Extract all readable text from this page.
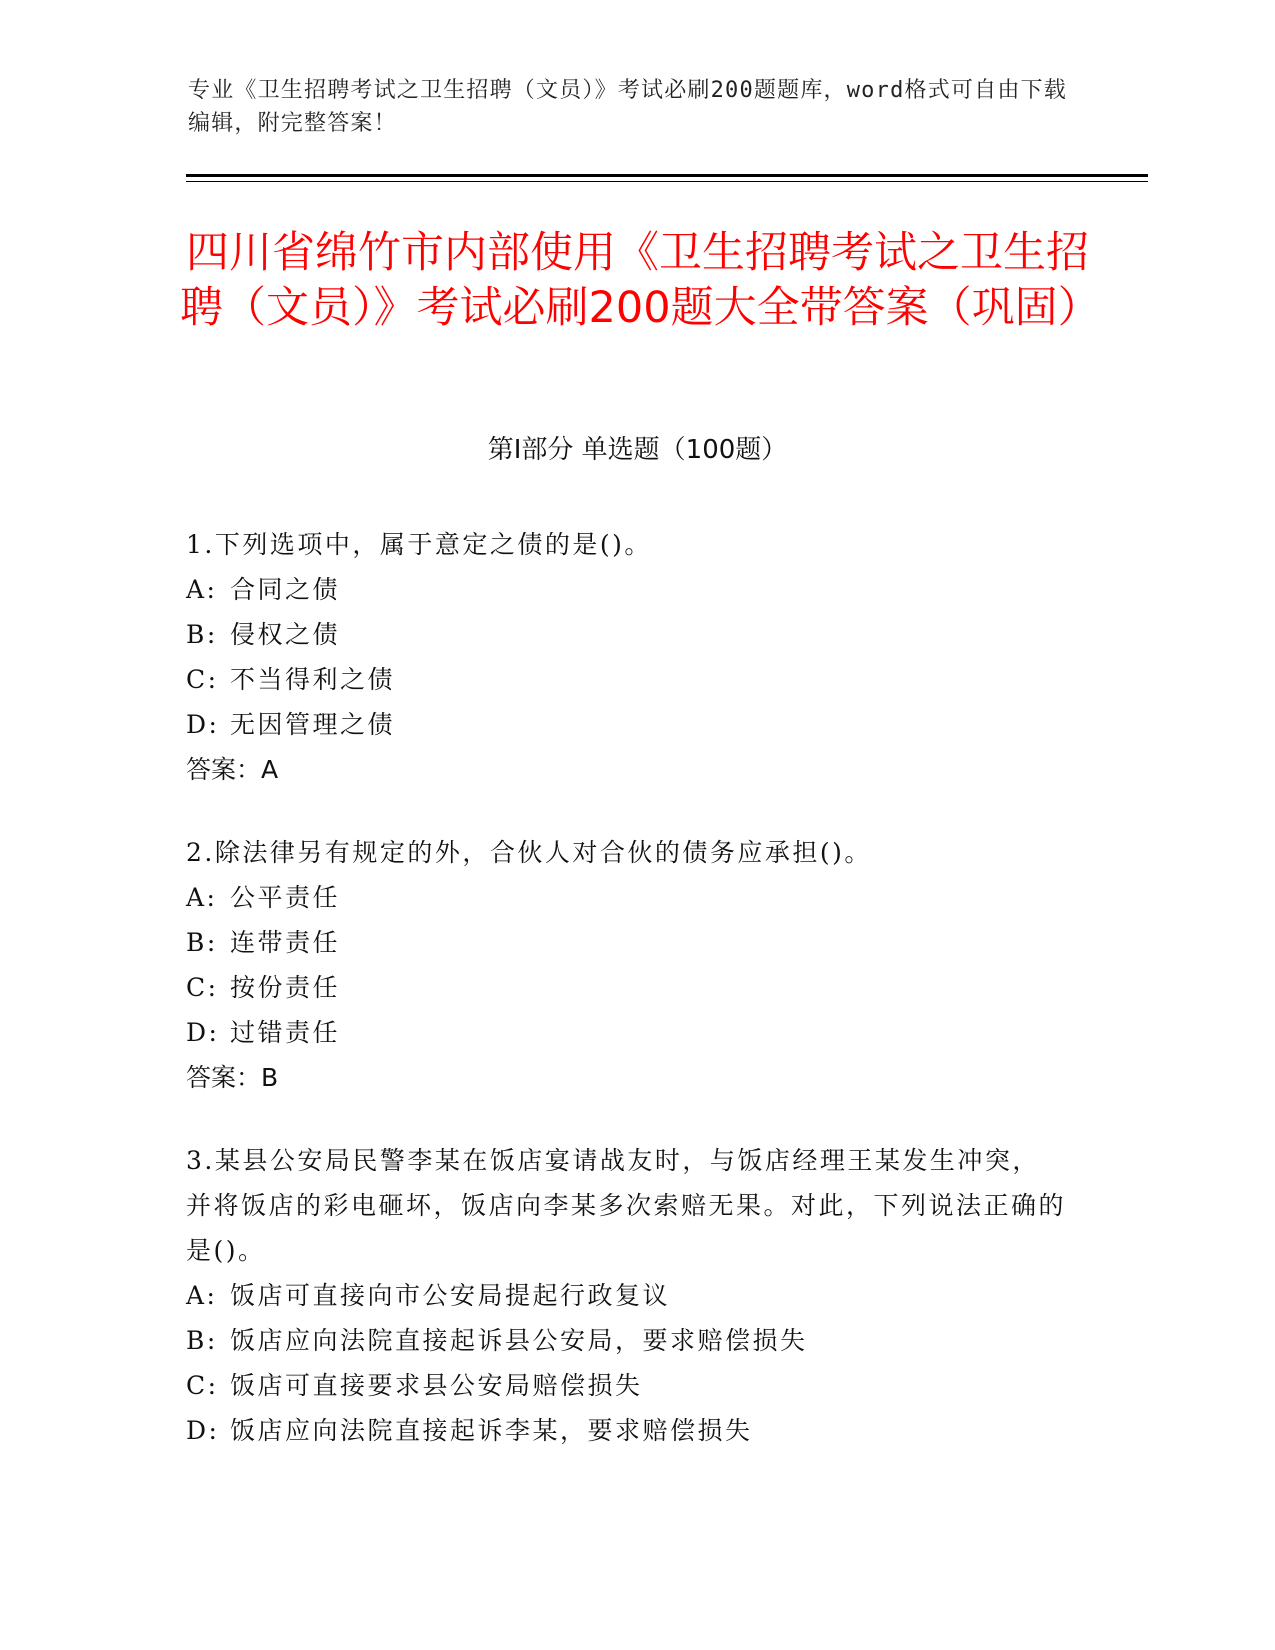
专业《卫生招聘考试之卫生招聘（文员）》考试必刷200题题库，word格式可自由下载编辑，附完整答案！
四川省绵竹市内部使用《卫生招聘考试之卫生招聘（文员）》考试必刷200题大全带答案（巩固）
第Ⅰ部分 单选题（100题）
1.下列选项中，属于意定之债的是()。
A: 合同之债
B: 侵权之债
C: 不当得利之债
D: 无因管理之债
答案：A
2.除法律另有规定的外，合伙人对合伙的债务应承担()。
A: 公平责任
B: 连带责任
C: 按份责任
D: 过错责任
答案：B
3.某县公安局民警李某在饭店宴请战友时，与饭店经理王某发生冲突，并将饭店的彩电砸坏，饭店向李某多次索赔无果。对此，下列说法正确的是()。
A: 饭店可直接向市公安局提起行政复议
B: 饭店应向法院直接起诉县公安局，要求赔偿损失
C: 饭店可直接要求县公安局赔偿损失
D: 饭店应向法院直接起诉李某，要求赔偿损失
